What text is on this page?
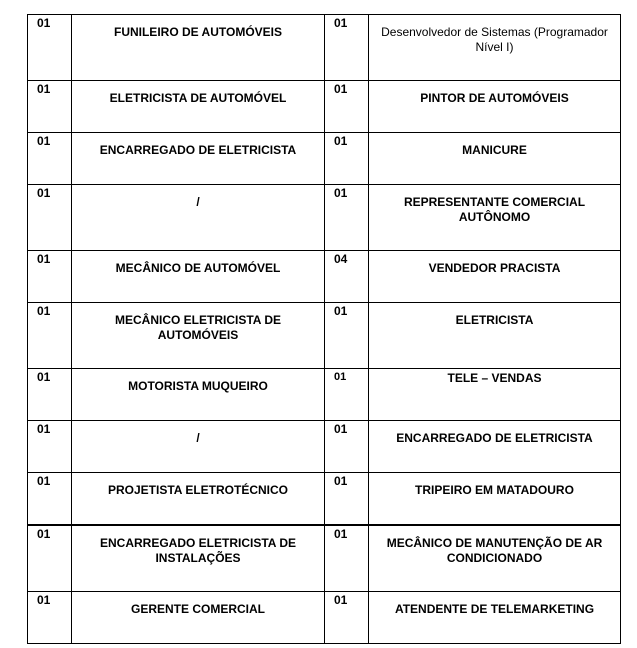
01	FUNILEIRO DE AUTOMÓVEIS	01	Desenvolvedor de Sistemas (Programador Nível I)

01	ELETRICISTA DE AUTOMÓVEL	01	PINTOR DE AUTOMÓVEIS

01	ENCARREGADO DE ELETRICISTA	01	MANICURE

01	/	01	REPRESENTANTE COMERCIAL AUTÔNOMO

01	MECÂNICO DE AUTOMÓVEL	04	VENDEDOR PRACISTA

01	MECÂNICO ELETRICISTA DE AUTOMÓVEIS	01	ELETRICISTA

01	MOTORISTA MUQUEIRO	01	TELE – VENDAS

01	/	01	ENCARREGADO DE ELETRICISTA

01	PROJETISTA ELETROTÉCNICO	01	TRIPEIRO EM MATADOURO

01	ENCARREGADO ELETRICISTA DE INSTALAÇÕES	01	MECÂNICO DE MANUTENÇÃO DE AR CONDICIONADO

01	GERENTE COMERCIAL	01	ATENDENTE DE TELEMARKETING
